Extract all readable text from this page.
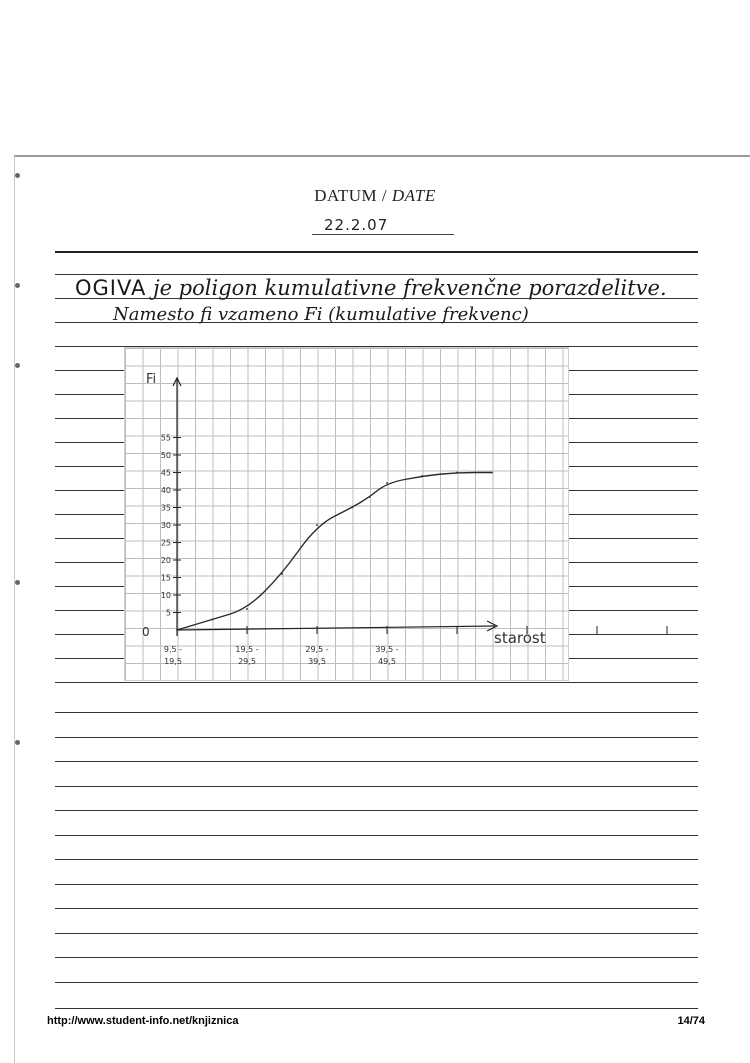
DATUM / DATE
22.2.07
OGIVA je poligon kumulativne frekvenčne porazdelitve.
Namesto fi vzameno Fi (kumulative frekvenc)
Fi
starost
0
5
10
15
20
25
30
35
40
45
50
55
9,5 -
19,5
19,5 -
29,5
29,5 -
39,5
39,5 -
49,5
http://www.student-info.net/knjiznica	14/74
